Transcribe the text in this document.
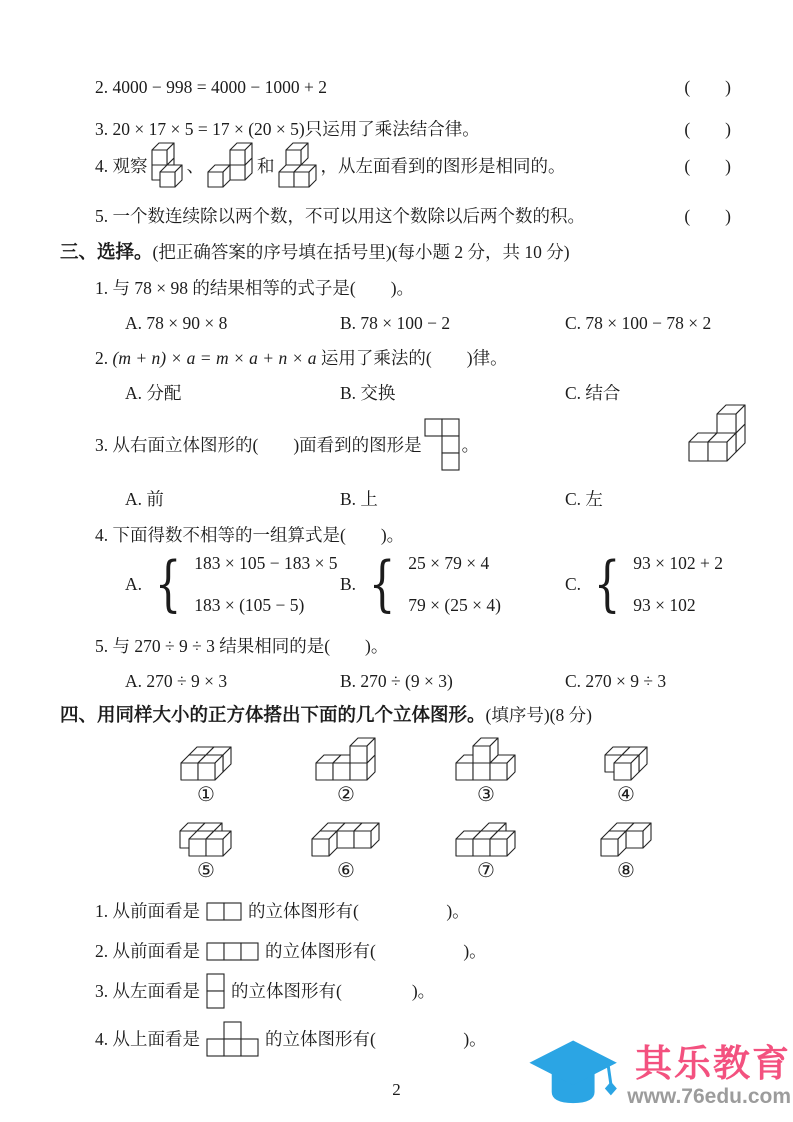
2. 4000 − 998 = 4000 − 1000 + 2	(　　)
3. 20 × 17 × 5 = 17 × (20 × 5)只运用了乘法结合律。	(　　)
4. 观察 、	和	，从左面看到的图形是相同的。	(　　)
5. 一个数连续除以两个数，不可以用这个数除以后两个数的积。	(　　)
三、选择。(把正确答案的序号填在括号里)(每小题 2 分，共 10 分)
1. 与 78 × 98 的结果相等的式子是(　　)。
A. 78 × 90 × 8	B. 78 × 100 − 2	C. 78 × 100 − 78 × 2
2. (m + n) × a = m × a + n × a 运用了乘法的(　　)律。
A. 分配	B. 交换	C. 结合
3. 从右面立体图形的(　　)面看到的图形是 。
A. 前	B. 上	C. 左
4. 下面得数不相等的一组算式是(　　)。
A. { 183 × 105 − 183 × 5
183 × (105 − 5)
B. { 25 × 79 × 4
79 × (25 × 4)
C. { 93 × 102 + 2
93 × 102
5. 与 270 ÷ 9 ÷ 3 结果相同的是(　　)。
A. 270 ÷ 9 × 3	B. 270 ÷ (9 × 3)	C. 270 × 9 ÷ 3
四、用同样大小的正方体搭出下面的几个立体图形。(填序号)(8 分)
①	②	③	④
⑤	⑥	⑦	⑧
1. 从前面看是	的立体图形有(　　　　　)。
2. 从前面看是	的立体图形有(　　　　　)。
3. 从左面看是 的立体图形有(　　　　)。
4. 从上面看是	的立体图形有(　　　　　)。
2
其乐教育
www.76edu.com
